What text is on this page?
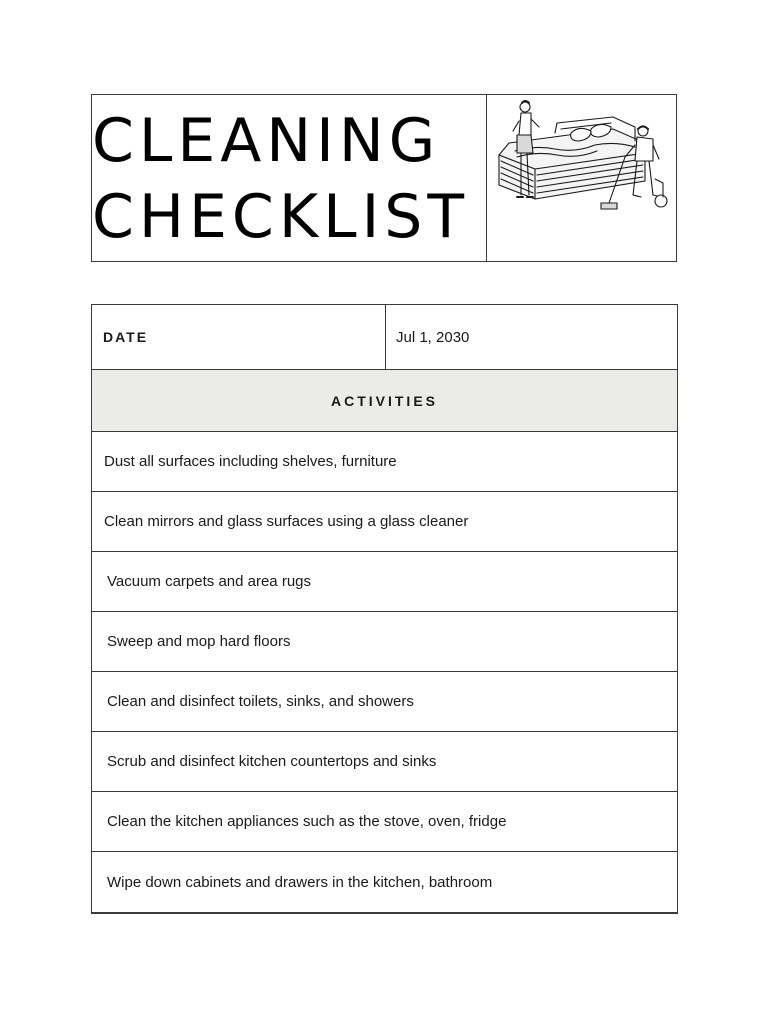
CLEANING
CHECKLIST
DATE	Jul 1, 2030
ACTIVITIES
Dust all surfaces including shelves, furniture
Clean mirrors and glass surfaces using a glass cleaner
Vacuum carpets and area rugs
Sweep and mop hard floors
Clean and disinfect toilets, sinks, and showers
Scrub and disinfect kitchen countertops and sinks
Clean the kitchen appliances such as the stove, oven, fridge
Wipe down cabinets and drawers in the kitchen, bathroom
